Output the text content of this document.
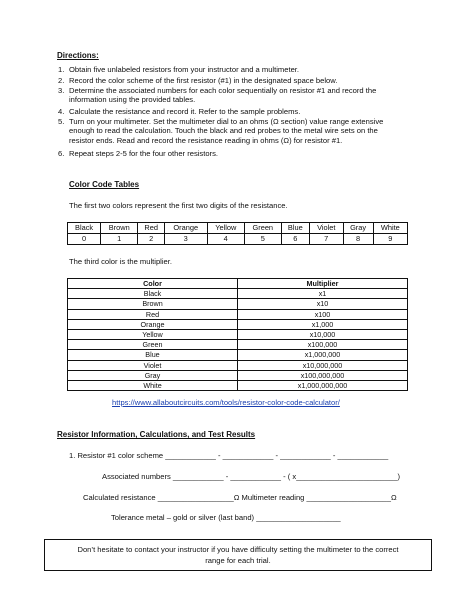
Directions:
1. Obtain five unlabeled resistors from your instructor and a multimeter.
2. Record the color scheme of the first resistor (#1) in the designated space below.
3. Determine the associated numbers for each color sequentially on resistor #1 and record the
information using the provided tables.
4. Calculate the resistance and record it. Refer to the sample problems.
5. Turn on your multimeter. Set the multimeter dial to an ohms (Ω section) value range extensive
enough to read the calculation. Touch the black and red probes to the metal wire sets on the
resistor ends. Read and record the resistance reading in ohms (Ω) for resistor #1.
6. Repeat steps 2-5 for the four other resistors.
Color Code Tables
The first two colors represent the first two digits of the resistance.
Black	Brown	Red	Orange	Yellow	Green	Blue	Violet	Gray	White
0	1	2	3	4	5	6	7	8	9
The third color is the multiplier.
Color	Multiplier
Black	x1
Brown	x10
Red	x100
Orange	x1,000
Yellow	x10,000
Green	x100,000
Blue	x1,000,000
Violet	x10,000,000
Gray	x100,000,000
White	x1,000,000,000
https://www.allaboutcircuits.com/tools/resistor-color-code-calculator/
Resistor Information, Calculations, and Test Results
1. Resistor #1 color scheme ____________ - ____________ - ____________ - ____________
Associated numbers ____________ - ____________ - ( x________________________)
Calculated resistance __________________Ω Multimeter reading ____________________Ω
Tolerance metal – gold or silver (last band) ____________________
Don’t hesitate to contact your instructor if you have difficulty setting the multimeter to the correct range for each trial.
